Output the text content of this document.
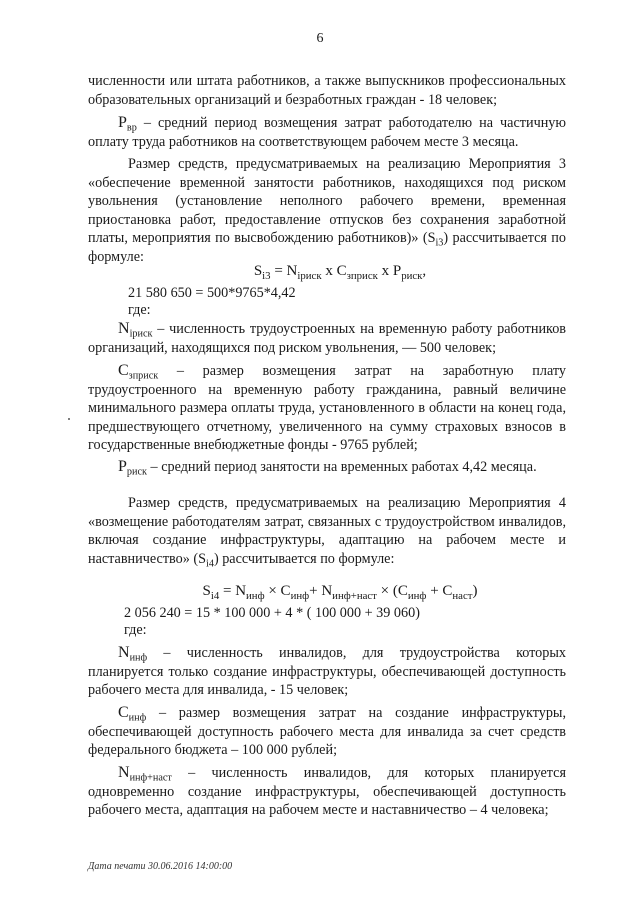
6
численности или штата работников, а также выпускников профессиональных
образовательных организаций и безработных граждан - 18 человек;
$Р_{вр}$ – средний период возмещения затрат работодателю на частичную
оплату труда работников на соответствующем рабочем месте 3 месяца.
Размер средств, предусматриваемых на реализацию Мероприятия 3
«обеспечение временной занятости работников, находящихся под риском
увольнения (установление неполного рабочего времени, временная
приостановка работ, предоставление отпусков без сохранения заработной
платы, мероприятия по высвобождению работников)» $(S_{i3})$ рассчитывается по
формуле:
$S_{i3} = N_{iриск}$ x $C_{зприск}$ x $P_{риск}$,
21 580 650 = 500*9765*4,42
где:
$N_{iриск}$ – численность трудоустроенных на временную работу работников
организаций, находящихся под риском увольнения, — 500 человек;
$С_{зприск}$ – размер возмещения затрат на заработную плату
трудоустроенного на временную работу гражданина, равный величине
минимального размера оплаты труда, установленного в области на конец года,
предшествующего отчетному, увеличенного на сумму страховых взносов в
государственные внебюджетные фонды - 9765 рублей;
$Р_{риск}$ – средний период занятости на временных работах 4,42 месяца.
Размер средств, предусматриваемых на реализацию Мероприятия 4
«возмещение работодателям затрат, связанных с трудоустройством инвалидов,
включая создание инфраструктуры, адаптацию на рабочем месте и
наставничество» $(S_{i4})$ рассчитывается по формуле:
$S_{i4} = N_{инф} \times C_{инф}+ N_{инф+наст} \times (C_{инф} + C_{наст})$
2 056 240 = 15 * 100 000 + 4 * ( 100 000 + 39 060)
где:
$N_{инф}$ – численность инвалидов, для трудоустройства которых
планируется только создание инфраструктуры, обеспечивающей доступность
рабочего места для инвалида, - 15 человек;
$С_{инф}$ – размер возмещения затрат на создание инфраструктуры,
обеспечивающей доступность рабочего места для инвалида за счет средств
федерального бюджета – 100 000 рублей;
$N_{инф+наст}$ – численность инвалидов, для которых планируется
одновременно создание инфраструктуры, обеспечивающей доступность
рабочего места, адаптация на рабочем месте и наставничество – 4 человека;
Дата печати 30.06.2016 14:00:00
